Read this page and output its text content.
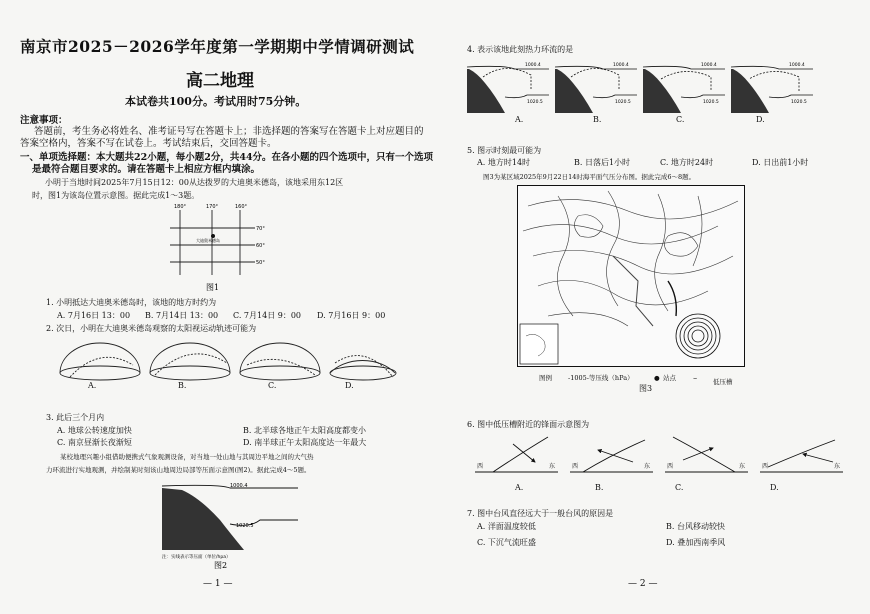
南京市2025－2026学年度第一学期期中学情调研测试
高二地理
本试卷共100分。考试用时75分钟。
注意事项：
答题前，考生务必将姓名、准考证号写在答题卡上；非选择题的答案写在答题卡上对应题目的
答案空格内，答案不写在试卷上。考试结束后，交回答题卡。
一、单项选择题：本大题共22小题，每小题2分，共44分。在各小题的四个选项中，只有一个选项
是最符合题目要求的。请在答题卡上相应方框内填涂。
小明于当地时间2025年7月15日12：00从达拨罗的大迪奥米德岛，该地采用东12区
时，图1为该岛位置示意图。据此完成1～3题。
180°	170°	160°
70°
60°
50°
大迪奥米德岛
图1
1. 小明抵达大迪奥米德岛时，该地的地方时约为
A. 7月16日 13：00 B. 7月14日 13：00 C. 7月14日 9：00 D. 7月16日 9：00
2. 次日，小明在大迪奥米德岛观察的太阳视运动轨迹可能为
A.	B.	C.	D.
3. 此后三个月内
A. 地球公转速度加快	B. 北半球各地正午太阳高度都变小
C. 南京昼渐长夜渐短	D. 南半球正午太阳高度达一年最大
某校地理兴趣小组借助便携式气象观测设备，对当地一处山地与其周边平地之间的大气热
力环流进行实地观测，并绘制某时刻该山地周边局部等压面示意图(图2)。据此完成4～5题。
1000.4
1020.5
注：实线表示等压面（单位/hpa）
图2
— 1 —
4. 表示该地此刻热力环流的是
1000.4
1020.5
1000.4
1020.5
1000.4
1020.5
1000.4
1020.5
A.	B.	C.	D.
5. 图示时刻最可能为
A. 地方时14时	B. 日落后1小时	C. 地方时24时	D. 日出前1小时
图3为某区域2025年9月22日14时海平面气压分布图。据此完成6～8题。
图例 -1005-等压线（hPa）	● 站点	⌣ 低压槽
图3
6. 图中低压槽附近的锋面示意图为
西	东	西	东	西	东	西	东
A.	B.	C.	D.
7. 图中台风直径远大于一般台风的原因是
A. 洋面温度较低	B. 台风移动较快
C. 下沉气流旺盛	D. 叠加西南季风
— 2 —
